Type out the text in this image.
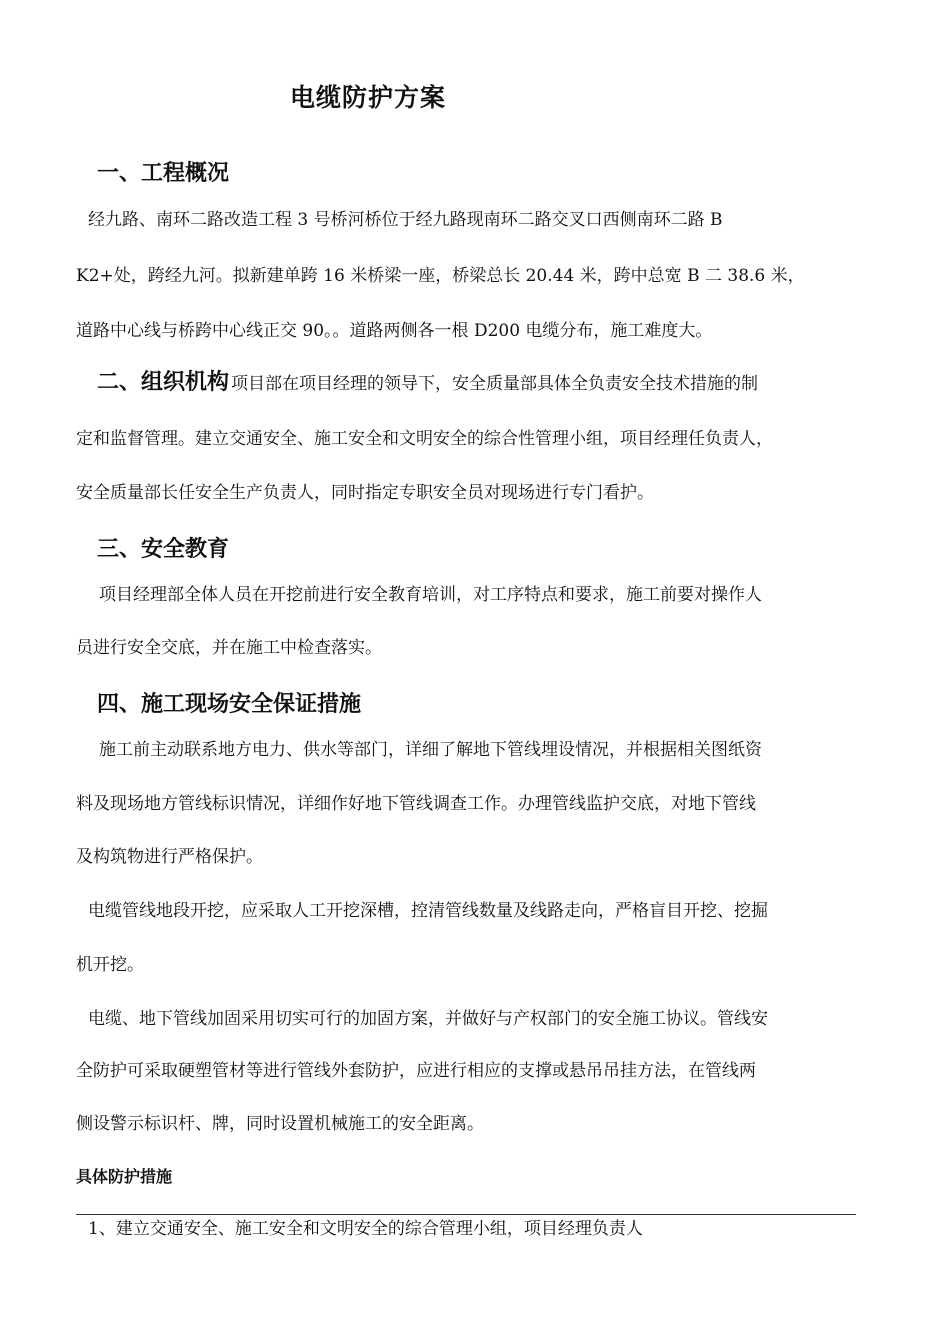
电缆防护方案
一、工程概况
经九路、南环二路改造工程 3 号桥河桥位于经九路现南环二路交叉口西侧南环二路 B
K2+处，跨经九河。拟新建单跨 16 米桥梁一座，桥梁总长 20.44 米，跨中总宽 B 二 38.6 米，
道路中心线与桥跨中心线正交 90。。道路两侧各一根 D200 电缆分布，施工难度大。
二、组织机构 项目部在项目经理的领导下，安全质量部具体全负责安全技术措施的制
定和监督管理。建立交通安全、施工安全和文明安全的综合性管理小组，项目经理任负责人，
安全质量部长任安全生产负责人，同时指定专职安全员对现场进行专门看护。
三、安全教育
项目经理部全体人员在开挖前进行安全教育培训，对工序特点和要求，施工前要对操作人
员进行安全交底，并在施工中检查落实。
四、施工现场安全保证措施
施工前主动联系地方电力、供水等部门，详细了解地下管线埋设情况，并根据相关图纸资
料及现场地方管线标识情况，详细作好地下管线调查工作。办理管线监护交底，对地下管线
及构筑物进行严格保护。
电缆管线地段开挖，应采取人工开挖深槽，控清管线数量及线路走向，严格盲目开挖、挖掘
机开挖。
电缆、地下管线加固采用切实可行的加固方案，并做好与产权部门的安全施工协议。管线安
全防护可采取硬塑管材等进行管线外套防护，应进行相应的支撑或悬吊吊挂方法，在管线两
侧设警示标识杆、牌，同时设置机械施工的安全距离。
具体防护措施
1、建立交通安全、施工安全和文明安全的综合管理小组，项目经理负责人
